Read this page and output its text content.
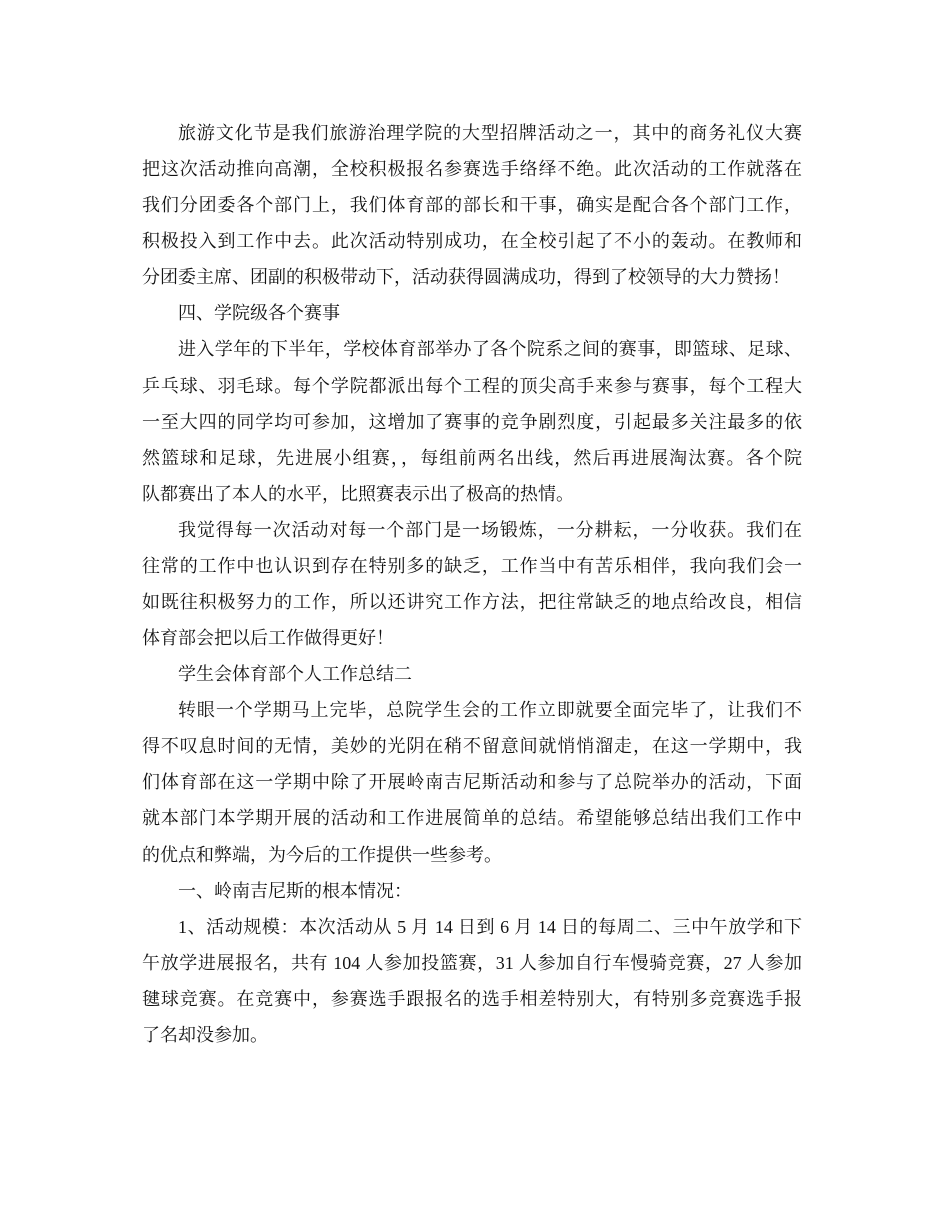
旅游文化节是我们旅游治理学院的大型招牌活动之一，其中的商务礼仪大赛
把这次活动推向高潮，全校积极报名参赛选手络绎不绝。此次活动的工作就落在
我们分团委各个部门上，我们体育部的部长和干事，确实是配合各个部门工作，
积极投入到工作中去。此次活动特别成功，在全校引起了不小的轰动。在教师和
分团委主席、团副的积极带动下，活动获得圆满成功，得到了校领导的大力赞扬！
四、学院级各个赛事
进入学年的下半年，学校体育部举办了各个院系之间的赛事，即篮球、足球、
乒乓球、羽毛球。每个学院都派出每个工程的顶尖高手来参与赛事，每个工程大
一至大四的同学均可参加，这增加了赛事的竞争剧烈度，引起最多关注最多的依
然篮球和足球，先进展小组赛，，每组前两名出线，然后再进展淘汰赛。各个院
队都赛出了本人的水平，比照赛表示出了极高的热情。
我觉得每一次活动对每一个部门是一场锻炼，一分耕耘，一分收获。我们在
往常的工作中也认识到存在特别多的缺乏，工作当中有苦乐相伴，我向我们会一
如既往积极努力的工作，所以还讲究工作方法，把往常缺乏的地点给改良，相信
体育部会把以后工作做得更好！
学生会体育部个人工作总结二
转眼一个学期马上完毕，总院学生会的工作立即就要全面完毕了，让我们不
得不叹息时间的无情，美妙的光阴在稍不留意间就悄悄溜走，在这一学期中，我
们体育部在这一学期中除了开展岭南吉尼斯活动和参与了总院举办的活动，下面
就本部门本学期开展的活动和工作进展简单的总结。希望能够总结出我们工作中
的优点和弊端，为今后的工作提供一些参考。
一、岭南吉尼斯的根本情况：
1、活动规模：本次活动从 5 月 14 日到 6 月 14 日的每周二、三中午放学和下
午放学进展报名，共有 104 人参加投篮赛，31 人参加自行车慢骑竞赛，27 人参加
毽球竞赛。在竞赛中，参赛选手跟报名的选手相差特别大，有特别多竞赛选手报
了名却没参加。
